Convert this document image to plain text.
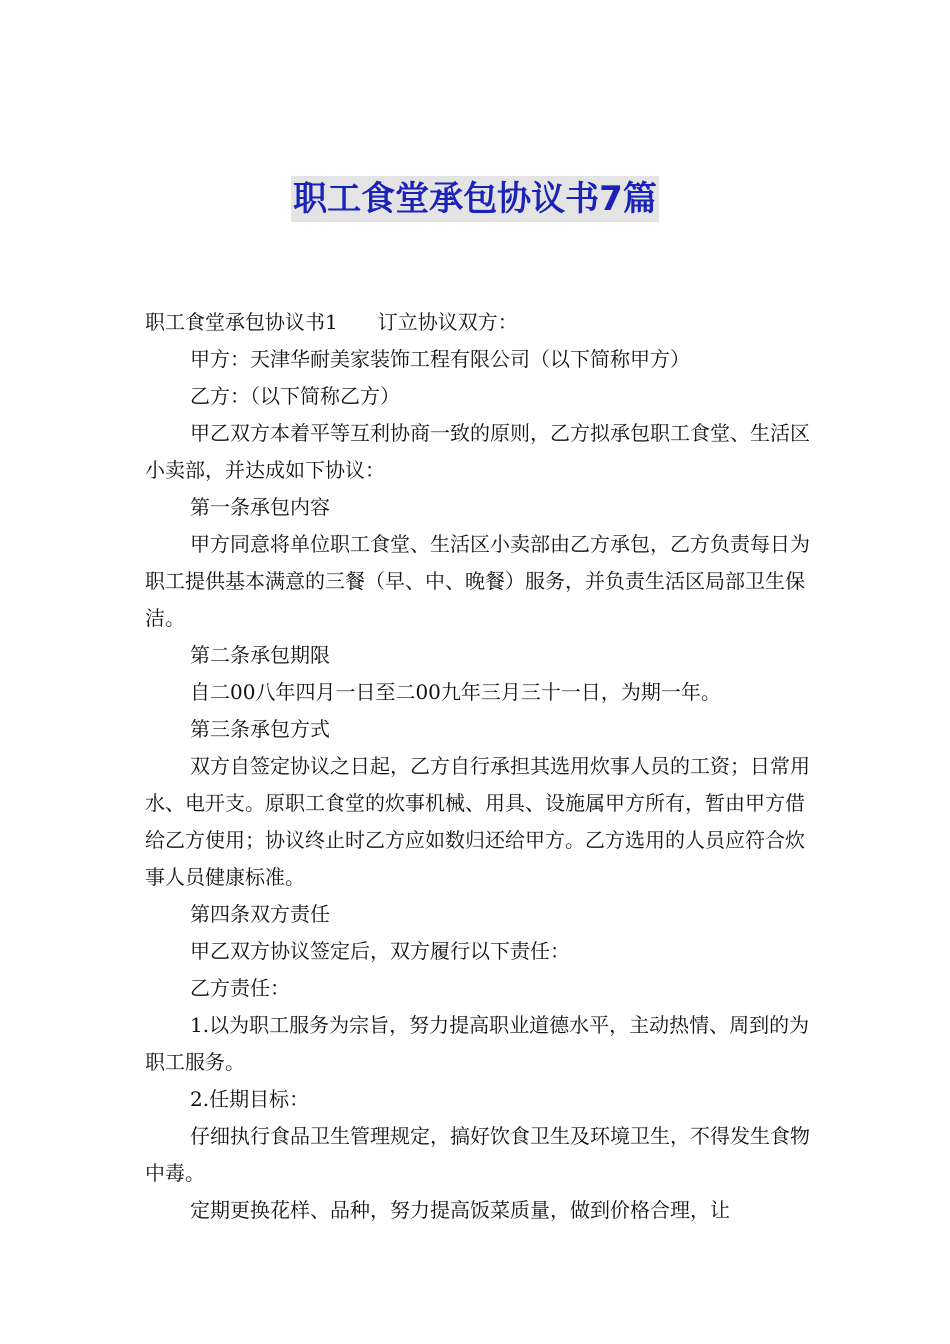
职工食堂承包协议书7篇

职工食堂承包协议书1 订立协议双方：

甲方：天津华耐美家装饰工程有限公司（以下简称甲方）

乙方：（以下简称乙方）

甲乙双方本着平等互利协商一致的原则，乙方拟承包职工食堂、生活区小卖部，并达成如下协议：

第一条承包内容

甲方同意将单位职工食堂、生活区小卖部由乙方承包，乙方负责每日为职工提供基本满意的三餐（早、中、晚餐）服务，并负责生活区局部卫生保洁。

第二条承包期限

自二00八年四月一日至二00九年三月三十一日，为期一年。

第三条承包方式

双方自签定协议之日起，乙方自行承担其选用炊事人员的工资；日常用水、电开支。原职工食堂的炊事机械、用具、设施属甲方所有，暂由甲方借给乙方使用；协议终止时乙方应如数归还给甲方。乙方选用的人员应符合炊事人员健康标准。

第四条双方责任

甲乙双方协议签定后，双方履行以下责任：

乙方责任：

1.以为职工服务为宗旨，努力提高职业道德水平，主动热情、周到的为职工服务。

2.任期目标：

仔细执行食品卫生管理规定，搞好饮食卫生及环境卫生，不得发生食物中毒。

定期更换花样、品种，努力提高饭菜质量，做到价格合理，让
